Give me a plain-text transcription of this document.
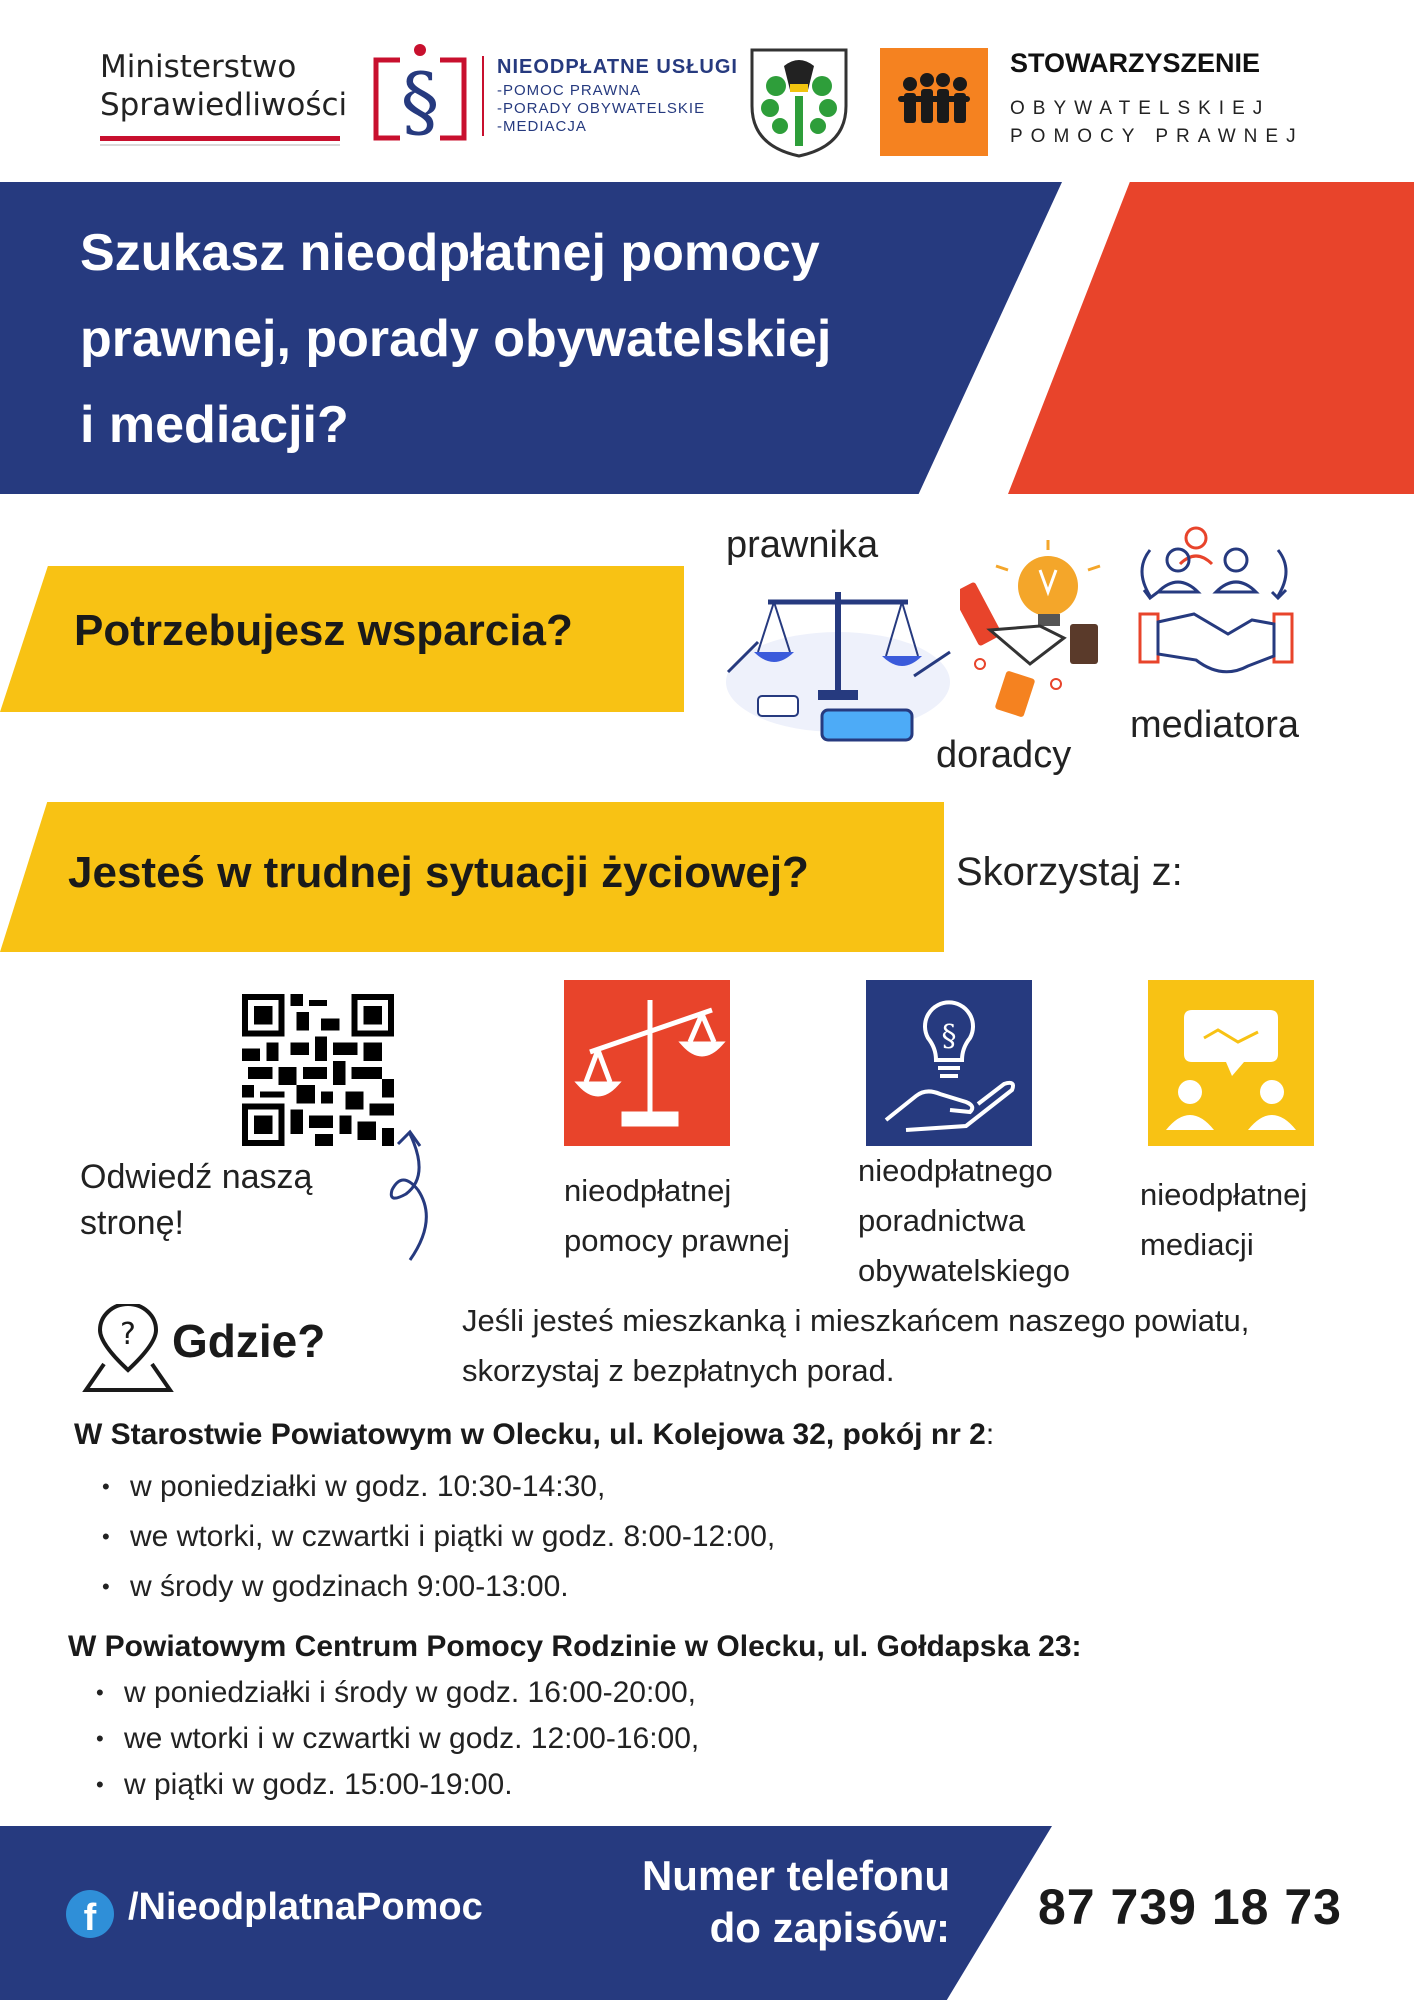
Ministerstwo
Sprawiedliwości §	NIEODPŁATNE USŁUGI
-POMOC PRAWNA
-PORADY OBYWATELSKIE
-MEDIACJA
STOWARZYSZENIE
OBYWATELSKIEJ
POMOCY PRAWNEJ
Szukasz nieodpłatnej pomocy
prawnej, porady obywatelskiej
i mediacji?
Potrzebujesz wsparcia?
prawnika
doradcy
mediatora
Jesteś w trudnej sytuacji życiowej?	Skorzystaj z:
Odwiedź naszą
stronę!
nieodpłatnej
pomocy prawnej
§
nieodpłatnego
poradnictwa
obywatelskiego
nieodpłatnej
mediacji
? Gdzie?	Jeśli jesteś mieszkanką i mieszkańcem naszego powiatu,
skorzystaj z bezpłatnych porad.
W Starostwie Powiatowym w Olecku, ul. Kolejowa 32, pokój nr 2:
• w poniedziałki w godz. 10:30-14:30,
• we wtorki, w czwartki i piątki w godz. 8:00-12:00,
• w środy w godzinach 9:00-13:00.
W Powiatowym Centrum Pomocy Rodzinie w Olecku, ul. Gołdapska 23:
• w poniedziałki i środy w godz. 16:00-20:00,
• we wtorki i w czwartki w godz. 12:00-16:00,
• w piątki w godz. 15:00-19:00.
f /NieodplatnaPomoc
Numer telefonu
do zapisów: 87 739 18 73
